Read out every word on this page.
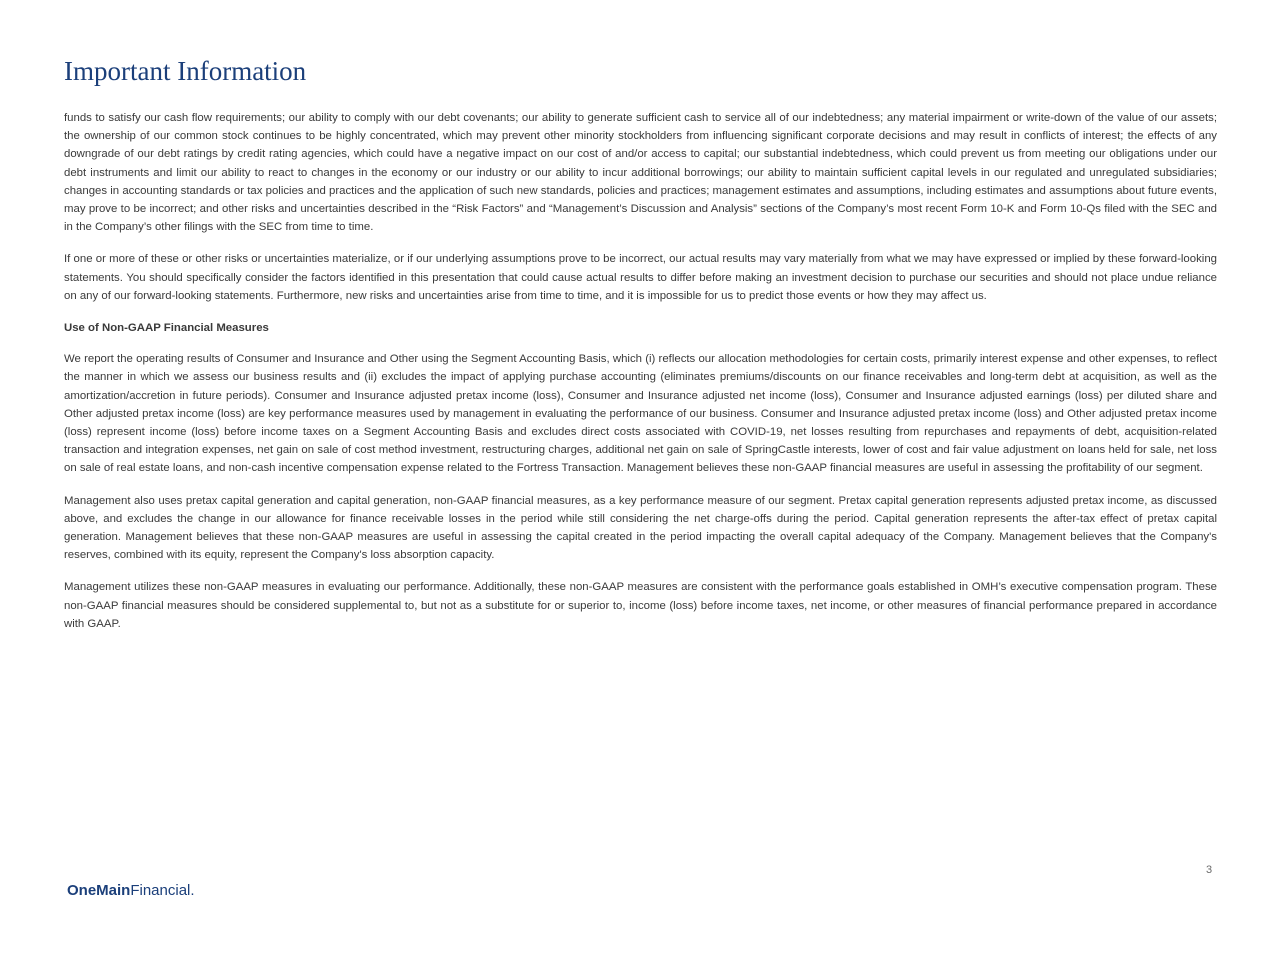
Important Information

funds to satisfy our cash flow requirements; our ability to comply with our debt covenants; our ability to generate sufficient cash to service all of our indebtedness; any material impairment or write-down of the value of our assets; the ownership of our common stock continues to be highly concentrated, which may prevent other minority stockholders from influencing significant corporate decisions and may result in conflicts of interest; the effects of any downgrade of our debt ratings by credit rating agencies, which could have a negative impact on our cost of and/or access to capital; our substantial indebtedness, which could prevent us from meeting our obligations under our debt instruments and limit our ability to react to changes in the economy or our industry or our ability to incur additional borrowings; our ability to maintain sufficient capital levels in our regulated and unregulated subsidiaries; changes in accounting standards or tax policies and practices and the application of such new standards, policies and practices; management estimates and assumptions, including estimates and assumptions about future events, may prove to be incorrect; and other risks and uncertainties described in the “Risk Factors” and “Management’s Discussion and Analysis” sections of the Company’s most recent Form 10-K and Form 10-Qs filed with the SEC and in the Company’s other filings with the SEC from time to time.

If one or more of these or other risks or uncertainties materialize, or if our underlying assumptions prove to be incorrect, our actual results may vary materially from what we may have expressed or implied by these forward-looking statements. You should specifically consider the factors identified in this presentation that could cause actual results to differ before making an investment decision to purchase our securities and should not place undue reliance on any of our forward-looking statements. Furthermore, new risks and uncertainties arise from time to time, and it is impossible for us to predict those events or how they may affect us.

Use of Non-GAAP Financial Measures

We report the operating results of Consumer and Insurance and Other using the Segment Accounting Basis, which (i) reflects our allocation methodologies for certain costs, primarily interest expense and other expenses, to reflect the manner in which we assess our business results and (ii) excludes the impact of applying purchase accounting (eliminates premiums/discounts on our finance receivables and long-term debt at acquisition, as well as the amortization/accretion in future periods). Consumer and Insurance adjusted pretax income (loss), Consumer and Insurance adjusted net income (loss), Consumer and Insurance adjusted earnings (loss) per diluted share and Other adjusted pretax income (loss) are key performance measures used by management in evaluating the performance of our business. Consumer and Insurance adjusted pretax income (loss) and Other adjusted pretax income (loss) represent income (loss) before income taxes on a Segment Accounting Basis and excludes direct costs associated with COVID-19, net losses resulting from repurchases and repayments of debt, acquisition-related transaction and integration expenses, net gain on sale of cost method investment, restructuring charges, additional net gain on sale of SpringCastle interests, lower of cost and fair value adjustment on loans held for sale, net loss on sale of real estate loans, and non-cash incentive compensation expense related to the Fortress Transaction. Management believes these non-GAAP financial measures are useful in assessing the profitability of our segment.

Management also uses pretax capital generation and capital generation, non-GAAP financial measures, as a key performance measure of our segment. Pretax capital generation represents adjusted pretax income, as discussed above, and excludes the change in our allowance for finance receivable losses in the period while still considering the net charge-offs during the period. Capital generation represents the after-tax effect of pretax capital generation. Management believes that these non-GAAP measures are useful in assessing the capital created in the period impacting the overall capital adequacy of the Company. Management believes that the Company's reserves, combined with its equity, represent the Company's loss absorption capacity.

Management utilizes these non-GAAP measures in evaluating our performance. Additionally, these non-GAAP measures are consistent with the performance goals established in OMH’s executive compensation program. These non-GAAP financial measures should be considered supplemental to, but not as a substitute for or superior to, income (loss) before income taxes, net income, or other measures of financial performance prepared in accordance with GAAP.

OneMainFinancial.
3
